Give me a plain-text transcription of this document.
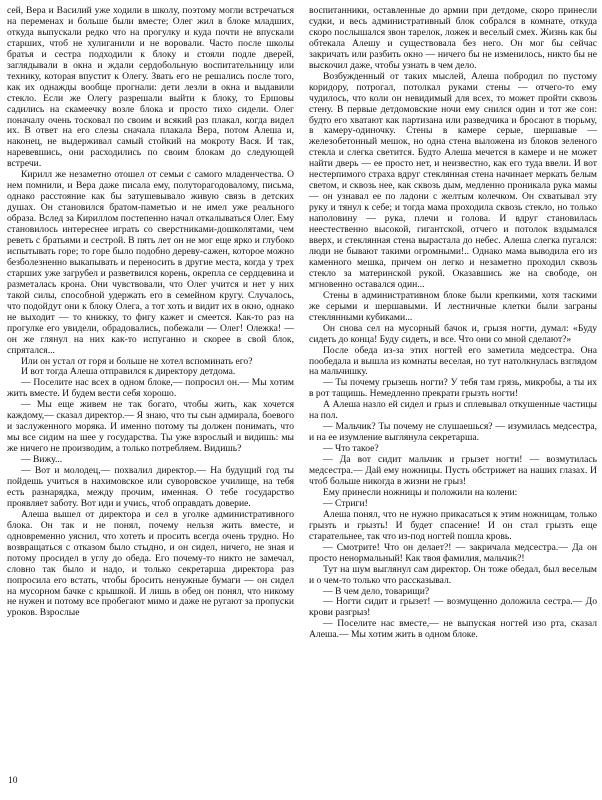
сей, Вера и Василий уже ходили в школу, поэтому могли встречаться на переменах и больше были вместе; Олег жил в блоке младших, откуда выпускали редко что на прогулку и куда почти не впускали старших, чтоб не хулиганили и не воровали. Часто после школы братья и сестра подходили к блоку и стояли подле дверей, заглядывали в окна и ждали сердобольную воспитательницу или технику, которая впустит к Олегу. Звать его не решались после того, как их однажды вообще прогнали: дети лезли в окна и выдавили стекло. Если же Олегу разрешали выйти к блоку, то Ершовы садились на скамеечку возле блока и просто тихо сидели. Олег поначалу очень тосковал по своим и всякий раз плакал, когда видел их. В ответ на его слезы сначала плакала Вера, потом Алеша и, наконец, не выдерживал самый стойкий на мокроту Вася. И так, наревевшись, они расходились по своим блокам до следующей встречи.

Кирилл же незаметно отошел от семьи с самого младенчества. О нем помнили, и Вера даже писала ему, полуторагодовалому, письма, однако расстояние как бы затушевывало живую связь в детских душах. Он становился братом-паметью и не имел уже реального образа. Вслед за Кириллом постепенно начал откалываться Олег. Ему становилось интереснее играть со сверстниками-дошколятами, чем реветь с братьями и сестрой. В пять лет он не мог еще ярко и глубоко испытывать горе; то горе было подобно дереву-сажен, которое можно безболезненно выкапывать и переносить в другие места, когда у трех старших уже загрубел и разветвился корень, окрепла се сердцевина и разметалась крона. Они чувствовали, что Олег учится и нет у них такой силы, способной удержать его в семейном кругу. Случалось, что подойдут они к блоку Олега, а тот хоть и видит их в окно, однако не выходит — то книжку, то фигу кажет и смеется. Как-то раз на прогулке его увидели, обрадовались, побежали — Олег! Олежка! — он же глянул на них как-то испуганно и скорее в свой блок, спрятался...

Или он устал от горя и больше не хотел вспоминать его?

И вот тогда Алеша отправился к директору детдома.

— Поселите нас всех в одном блоке,— попросил он.— Мы хотим жить вместе. И будем вести себя хорошо.

— Мы еще живем не так богато, чтобы жить, как хочется каждому,— сказал директор.— Я знаю, что ты сын адмирала, боевого и заслуженного моряка. И именно потому ты должен понимать, что мы все сидим на шее у государства. Ты уже взрослый и видишь: мы же ничего не производим, а только потребляем. Видишь?

— Вижу...

— Вот и молодец,— похвалил директор.— На будущий год ты пойдешь учиться в нахимовское или суворовское училище, на тебя есть разнарядка, между прочим, именная. О тебе государство проявляет заботу. Вот иди и учись, чтоб оправдать доверие.

Алеша вышел от директора и сел в уголке административного блока. Он так и не понял, почему нельзя жить вместе, и одновременно уяснил, что хотеть и просить всегда очень трудно. Но возвращаться с отказом было стыдно, и он сидел, ничего, не зная и потому просидел в углу до обеда. Его почему-то никто не замечал, словно так было и надо, и только секретарша директора раз попросила его встать, чтобы бросить ненужные бумаги — он сидел на мусорном бачке с крышкой. И лишь в обед он понял, что никому не нужен и потому все пробегают мимо и даже не ругают за пропуски уроков. Взрослые

воспитанники, оставленные до армии при детдоме, скоро принесли судки, и весь административный блок собрался в комнате, откуда скоро послышался звон тарелок, ложек и веселый смех. Жизнь как бы обтекала Алешу и существовала без него. Он мог бы сейчас закричать или разбить окно — ничего бы не изменилось, никто бы не выскочил даже, чтобы узнать в чем дело.

Возбужденный от таких мыслей, Алеша побродил по пустому коридору, потрогал, потолкал руками стены — отчего-то ему чудилось, что коли он невидимый для всех, то может пройти сквозь стену. В первые детдомовские ночи ему снился один и тот же сон: будто его хватают как партизана или разведчика и бросают в тюрьму, в камеру-одиночку. Стены в камере серые, шершавые — железобетонный мешок, но одна стена выложена из блоков зеленого стекла и слегка светится. Будто Алеша мечется в камере и не может найти дверь — ее просто нет, и неизвестно, как его туда ввели. И вот нестерпимого страха вдруг стеклянная стена начинает меркать белым светом, и сквозь нее, как сквозь дым, медленно проникала рука мамы — он узнавал ее по ладони с желтым колечком. Он схватывал эту руку и тянул к себе; и тогда мама проходила сквозь стекло, но только наполовину — рука, плечи и голова. И вдруг становилась неестественно высокой, гигантской, отчего и потолок вздымался вверх, и стеклянная стена вырастала до небес. Алеша слегка пугался: люди не бывают такими огромными!.. Однако мама выводила его из каменного мешка, причем он легко и незаметно проходил сквозь стекло за материнской рукой. Оказавшись же на свободе, он мгновенно оставался один...

Стены в административном блоке были крепкими, хотя таскими же серыми и шершавыми. И лестничные клетки были заграны стеклянными кубиками...

Он снова сел на мусорный бачок и, грызя ногти, думал: «Буду сидеть до конца! Буду сидеть, и все. Что они со мной сделают?»

После обеда из-за этих ногтей его заметила медсестра. Она пообедала и вышла из комнаты веселая, но тут натолкнулась взглядом на мальчишку.

— Ты почему грызешь ногти? У тебя там грязь, микробы, а ты их в рот тащишь. Немедленно прекрати грызть ногти!

А Алеша назло ей сидел и грыз и сплевывал откушенные частицы на пол.

— Мальчик? Ты почему не слушаешься? — изумилась медсестра, и на ее изумление выглянула секретарша.

— Что такое?

— Да вот сидит мальчик и грызет ногти! — возмутилась медсестра.— Дай ему ножницы. Пусть обстрижет на наших глазах. И чтоб больше никогда в жизни не грыз!

Ему принесли ножницы и положили на колени:

— Стриги!

Алеша понял, что не нужно прикасаться к этим ножницам, только грызть и грызть! И будет спасение! И он стал грызть еще старательнее, так что из-под ногтей пошла кровь.

— Смотрите! Что он делает?! — закричала медсестра.— Да он просто ненормальный! Как твоя фамилия, мальчик?!

Тут на шум выглянул сам директор. Он тоже обедал, был веселым и о чем-то только что рассказывал.

— В чем дело, товарищи?

— Ногти сидит и грызет! — возмущенно доложила сестра.— До крови разгрыз!

— Поселите нас вместе,— не выпуская ногтей изо рта, сказал Алеша.— Мы хотим жить в одном блоке.

10
